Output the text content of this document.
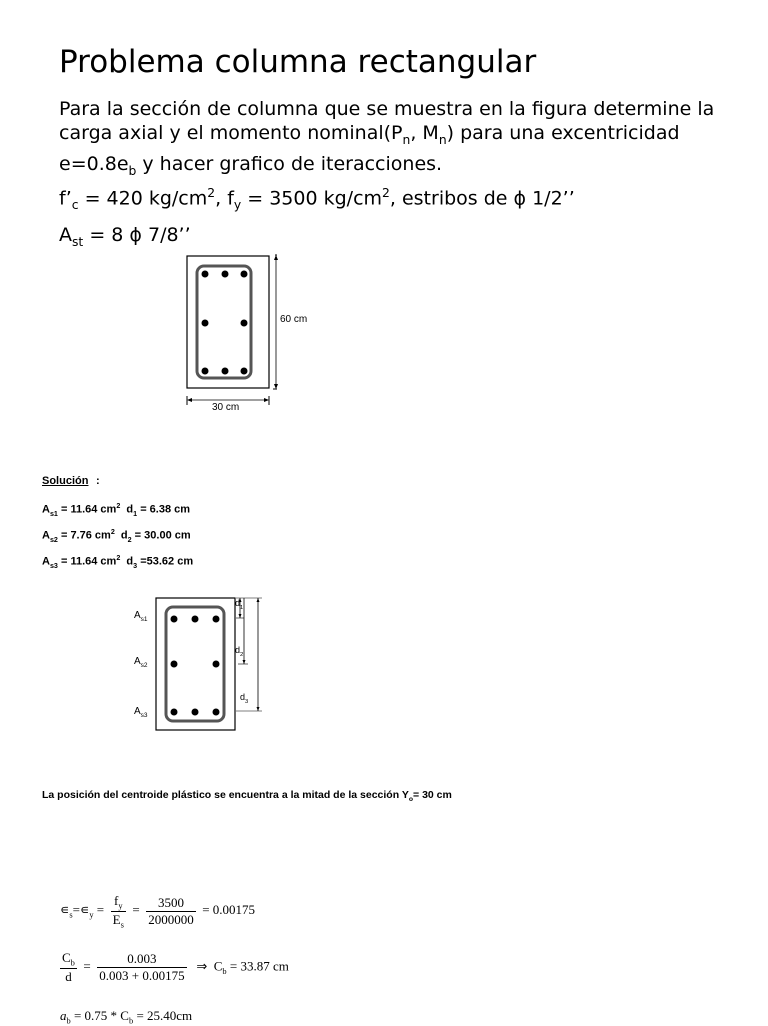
Problema columna rectangular
Para la sección de columna que se muestra en la figura determine la carga axial y el momento $nominal(P_n$, $M_n$) para una excentricidad $e=0.8e_b$ y hacer grafico de iteracciones.
$f’_c = 420$ $kg/cm^2$, $f_y = 3500$ $kg/cm^2$, estribos de ϕ 1/2’’
$A_{st} = 8$ ϕ 7/8’’
60 cm
30 cm
Solución :
$A_{s1} = 11.64$ $cm^2$  $d_1 = 6.38$ cm
$A_{s2} = 7.76$ $cm^2$  $d_2 = 30.00$ cm
$A_{s3} = 11.64$ $cm^2$  $d_3 =53.62$ cm
$A_{s1}$
$A_{s2}$
$A_{s3}$
$d_1$
$d_2$
$d_3$
La posición del centroide plástico se encuentra a la mitad de la sección $Y_o= 30$ cm
$∊_s=∊_y = \frac{f_y}{E_s} = \frac{3500}{2000000} = 0.00175$
$\frac{C_b}{d} = \frac{0.003}{0.003 + 0.00175}$ ⇒  $C_b = 33.87$ cm
$a_b = 0.75 * C_b = 25.40cm$
